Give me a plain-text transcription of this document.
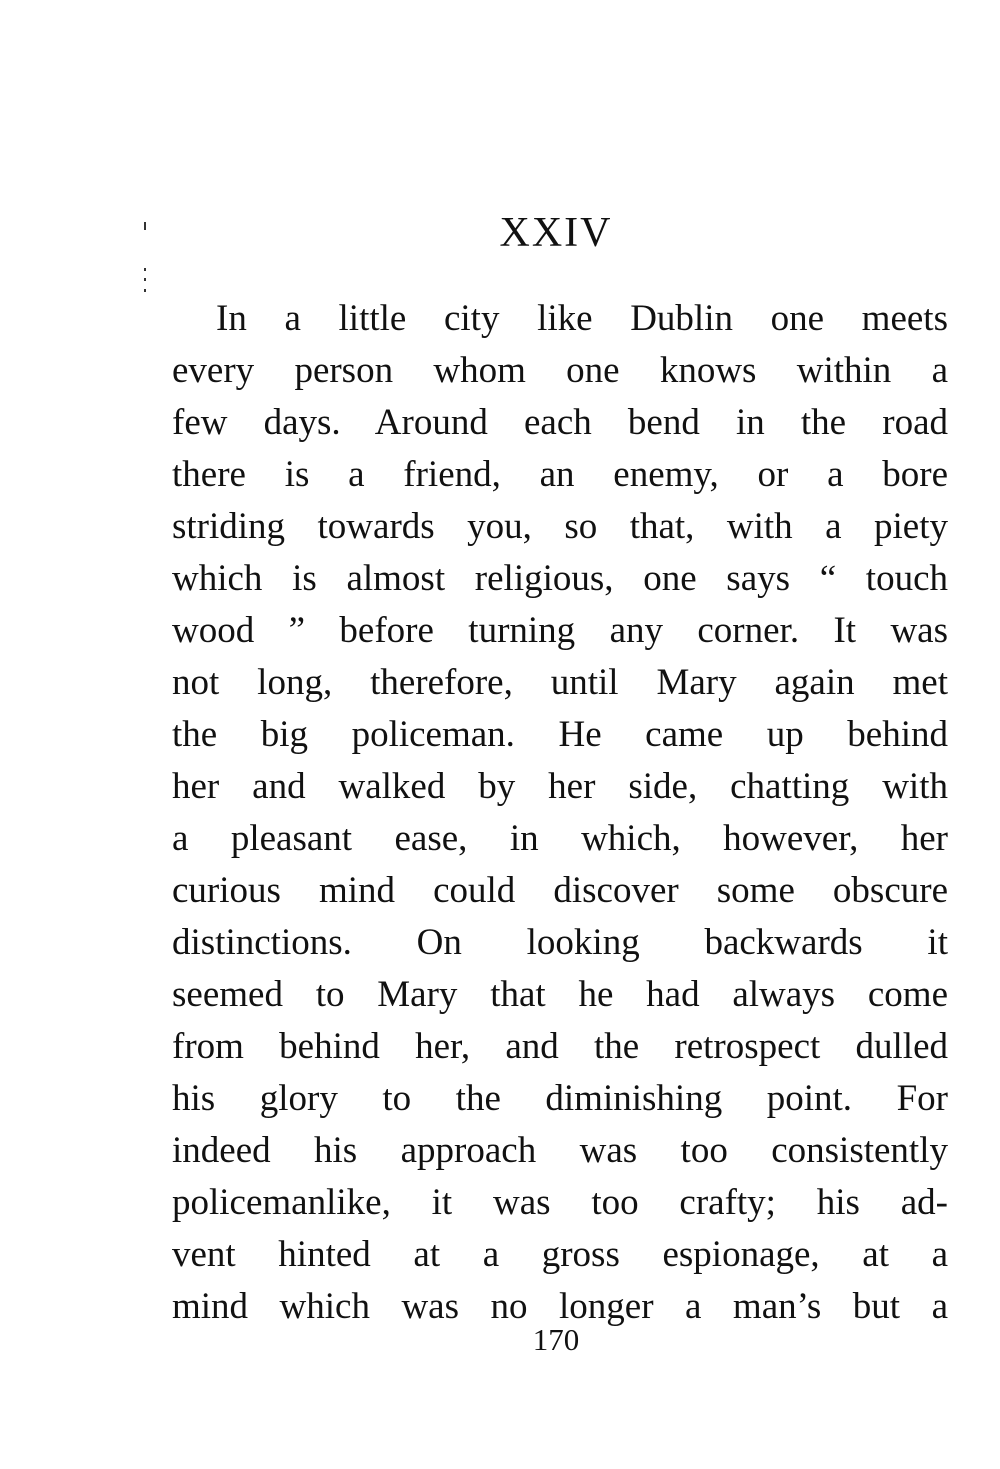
XXIV
In a little city like Dublin one meets
every person whom one knows within a
few days. Around each bend in the road
there is a friend, an enemy, or a bore
striding towards you, so that, with a piety
which is almost religious, one says “ touch
wood ” before turning any corner. It was
not long, therefore, until Mary again met
the big policeman. He came up behind
her and walked by her side, chatting with
a pleasant ease, in which, however, her
curious mind could discover some obscure
distinctions. On looking backwards it
seemed to Mary that he had always come
from behind her, and the retrospect dulled
his glory to the diminishing point. For
indeed his approach was too consistently
policemanlike, it was too crafty; his ad-
vent hinted at a gross espionage, at a
mind which was no longer a man’s but a
170
